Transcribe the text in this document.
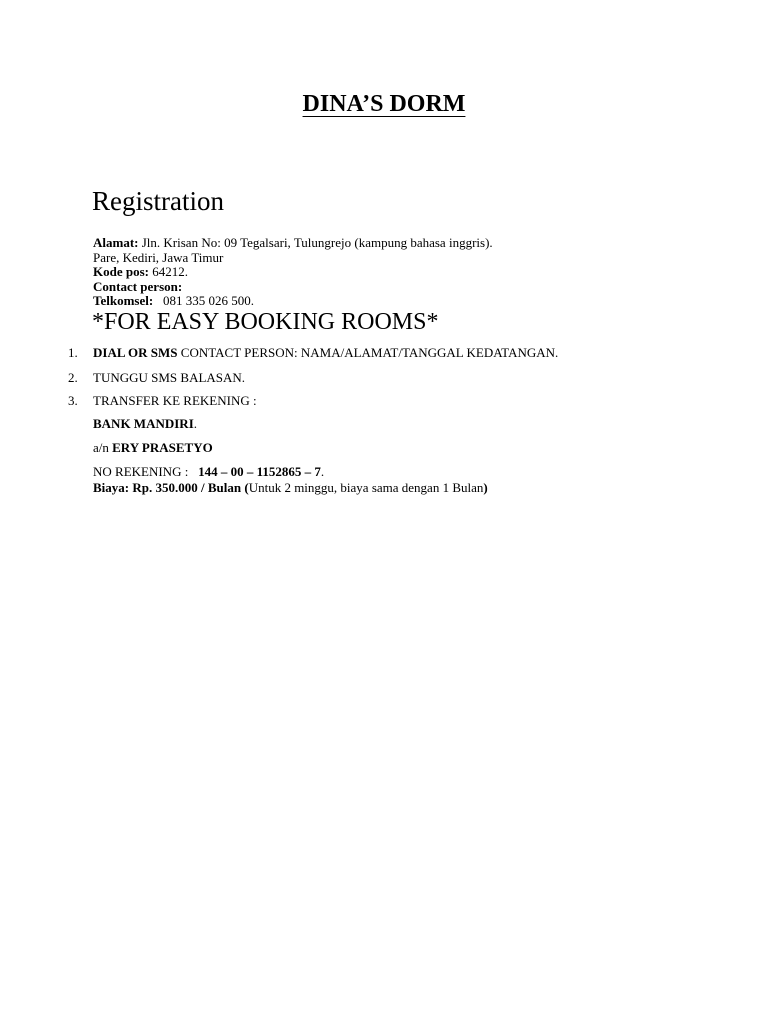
DINA’S DORM
Registration
Alamat: Jln. Krisan No: 09 Tegalsari, Tulungrejo (kampung bahasa inggris).
Pare, Kediri, Jawa Timur
Kode pos: 64212.
Contact person:
Telkomsel:   081 335 026 500.
*FOR EASY BOOKING ROOMS*
1. DIAL OR SMS CONTACT PERSON: NAMA/ALAMAT/TANGGAL KEDATANGAN.
2. TUNGGU SMS BALASAN.
3. TRANSFER KE REKENING :
BANK MANDIRI.
a/n ERY PRASETYO
NO REKENING :   144 – 00 – 1152865 – 7.
Biaya: Rp. 350.000 / Bulan (Untuk 2 minggu, biaya sama dengan 1 Bulan)
